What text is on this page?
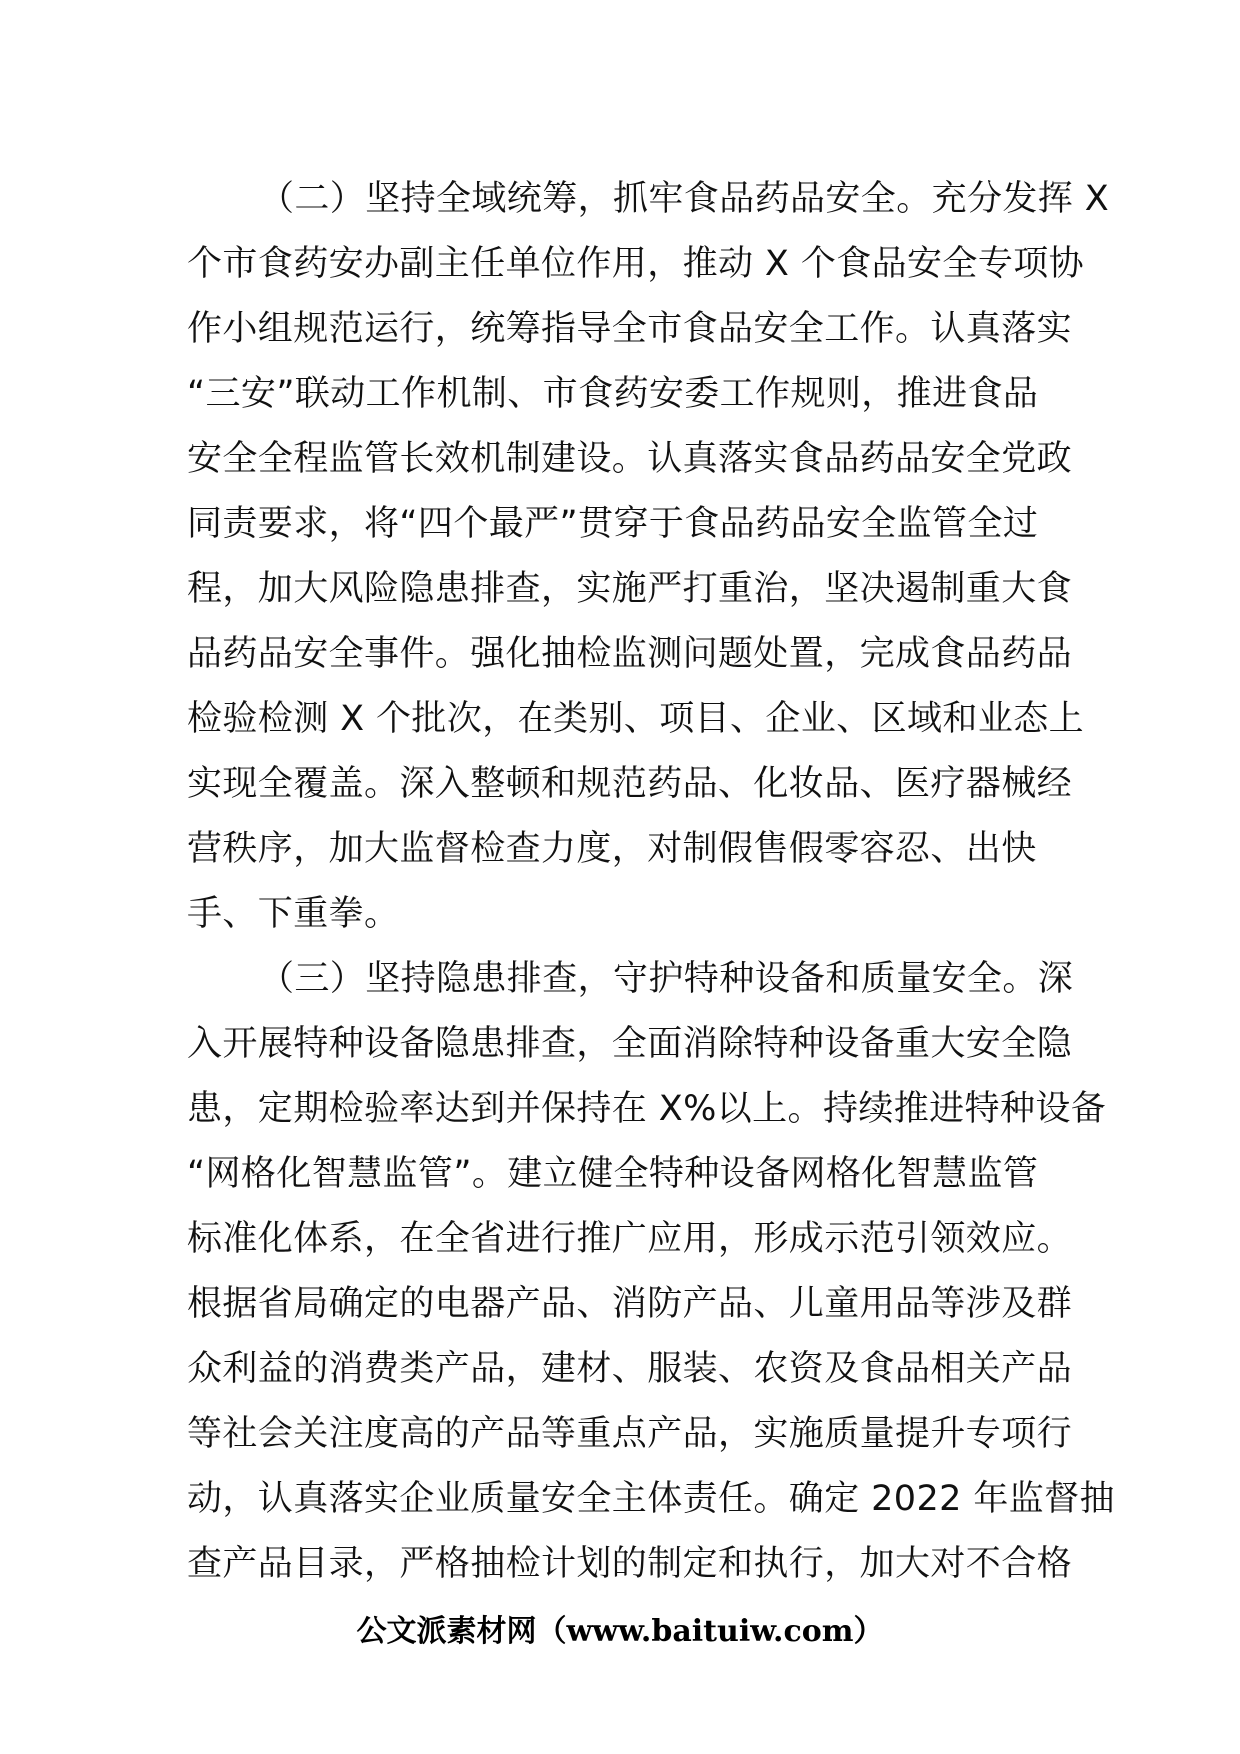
（二）坚持全域统筹，抓牢食品药品安全。充分发挥 X
个市食药安办副主任单位作用，推动 X 个食品安全专项协
作小组规范运行，统筹指导全市食品安全工作。认真落实
“三安”联动工作机制、市食药安委工作规则，推进食品
安全全程监管长效机制建设。认真落实食品药品安全党政
同责要求，将“四个最严”贯穿于食品药品安全监管全过
程，加大风险隐患排查，实施严打重治，坚决遏制重大食
品药品安全事件。强化抽检监测问题处置，完成食品药品
检验检测 X 个批次，在类别、项目、企业、区域和业态上
实现全覆盖。深入整顿和规范药品、化妆品、医疗器械经
营秩序，加大监督检查力度，对制假售假零容忍、出快
手、下重拳。
（三）坚持隐患排查，守护特种设备和质量安全。深
入开展特种设备隐患排查，全面消除特种设备重大安全隐
患，定期检验率达到并保持在 X%以上。持续推进特种设备
“网格化智慧监管”。建立健全特种设备网格化智慧监管
标准化体系，在全省进行推广应用，形成示范引领效应。
根据省局确定的电器产品、消防产品、儿童用品等涉及群
众利益的消费类产品，建材、服装、农资及食品相关产品
等社会关注度高的产品等重点产品，实施质量提升专项行
动，认真落实企业质量安全主体责任。确定 2022 年监督抽
查产品目录，严格抽检计划的制定和执行，加大对不合格
公文派素材网（www.baituiw.com）
